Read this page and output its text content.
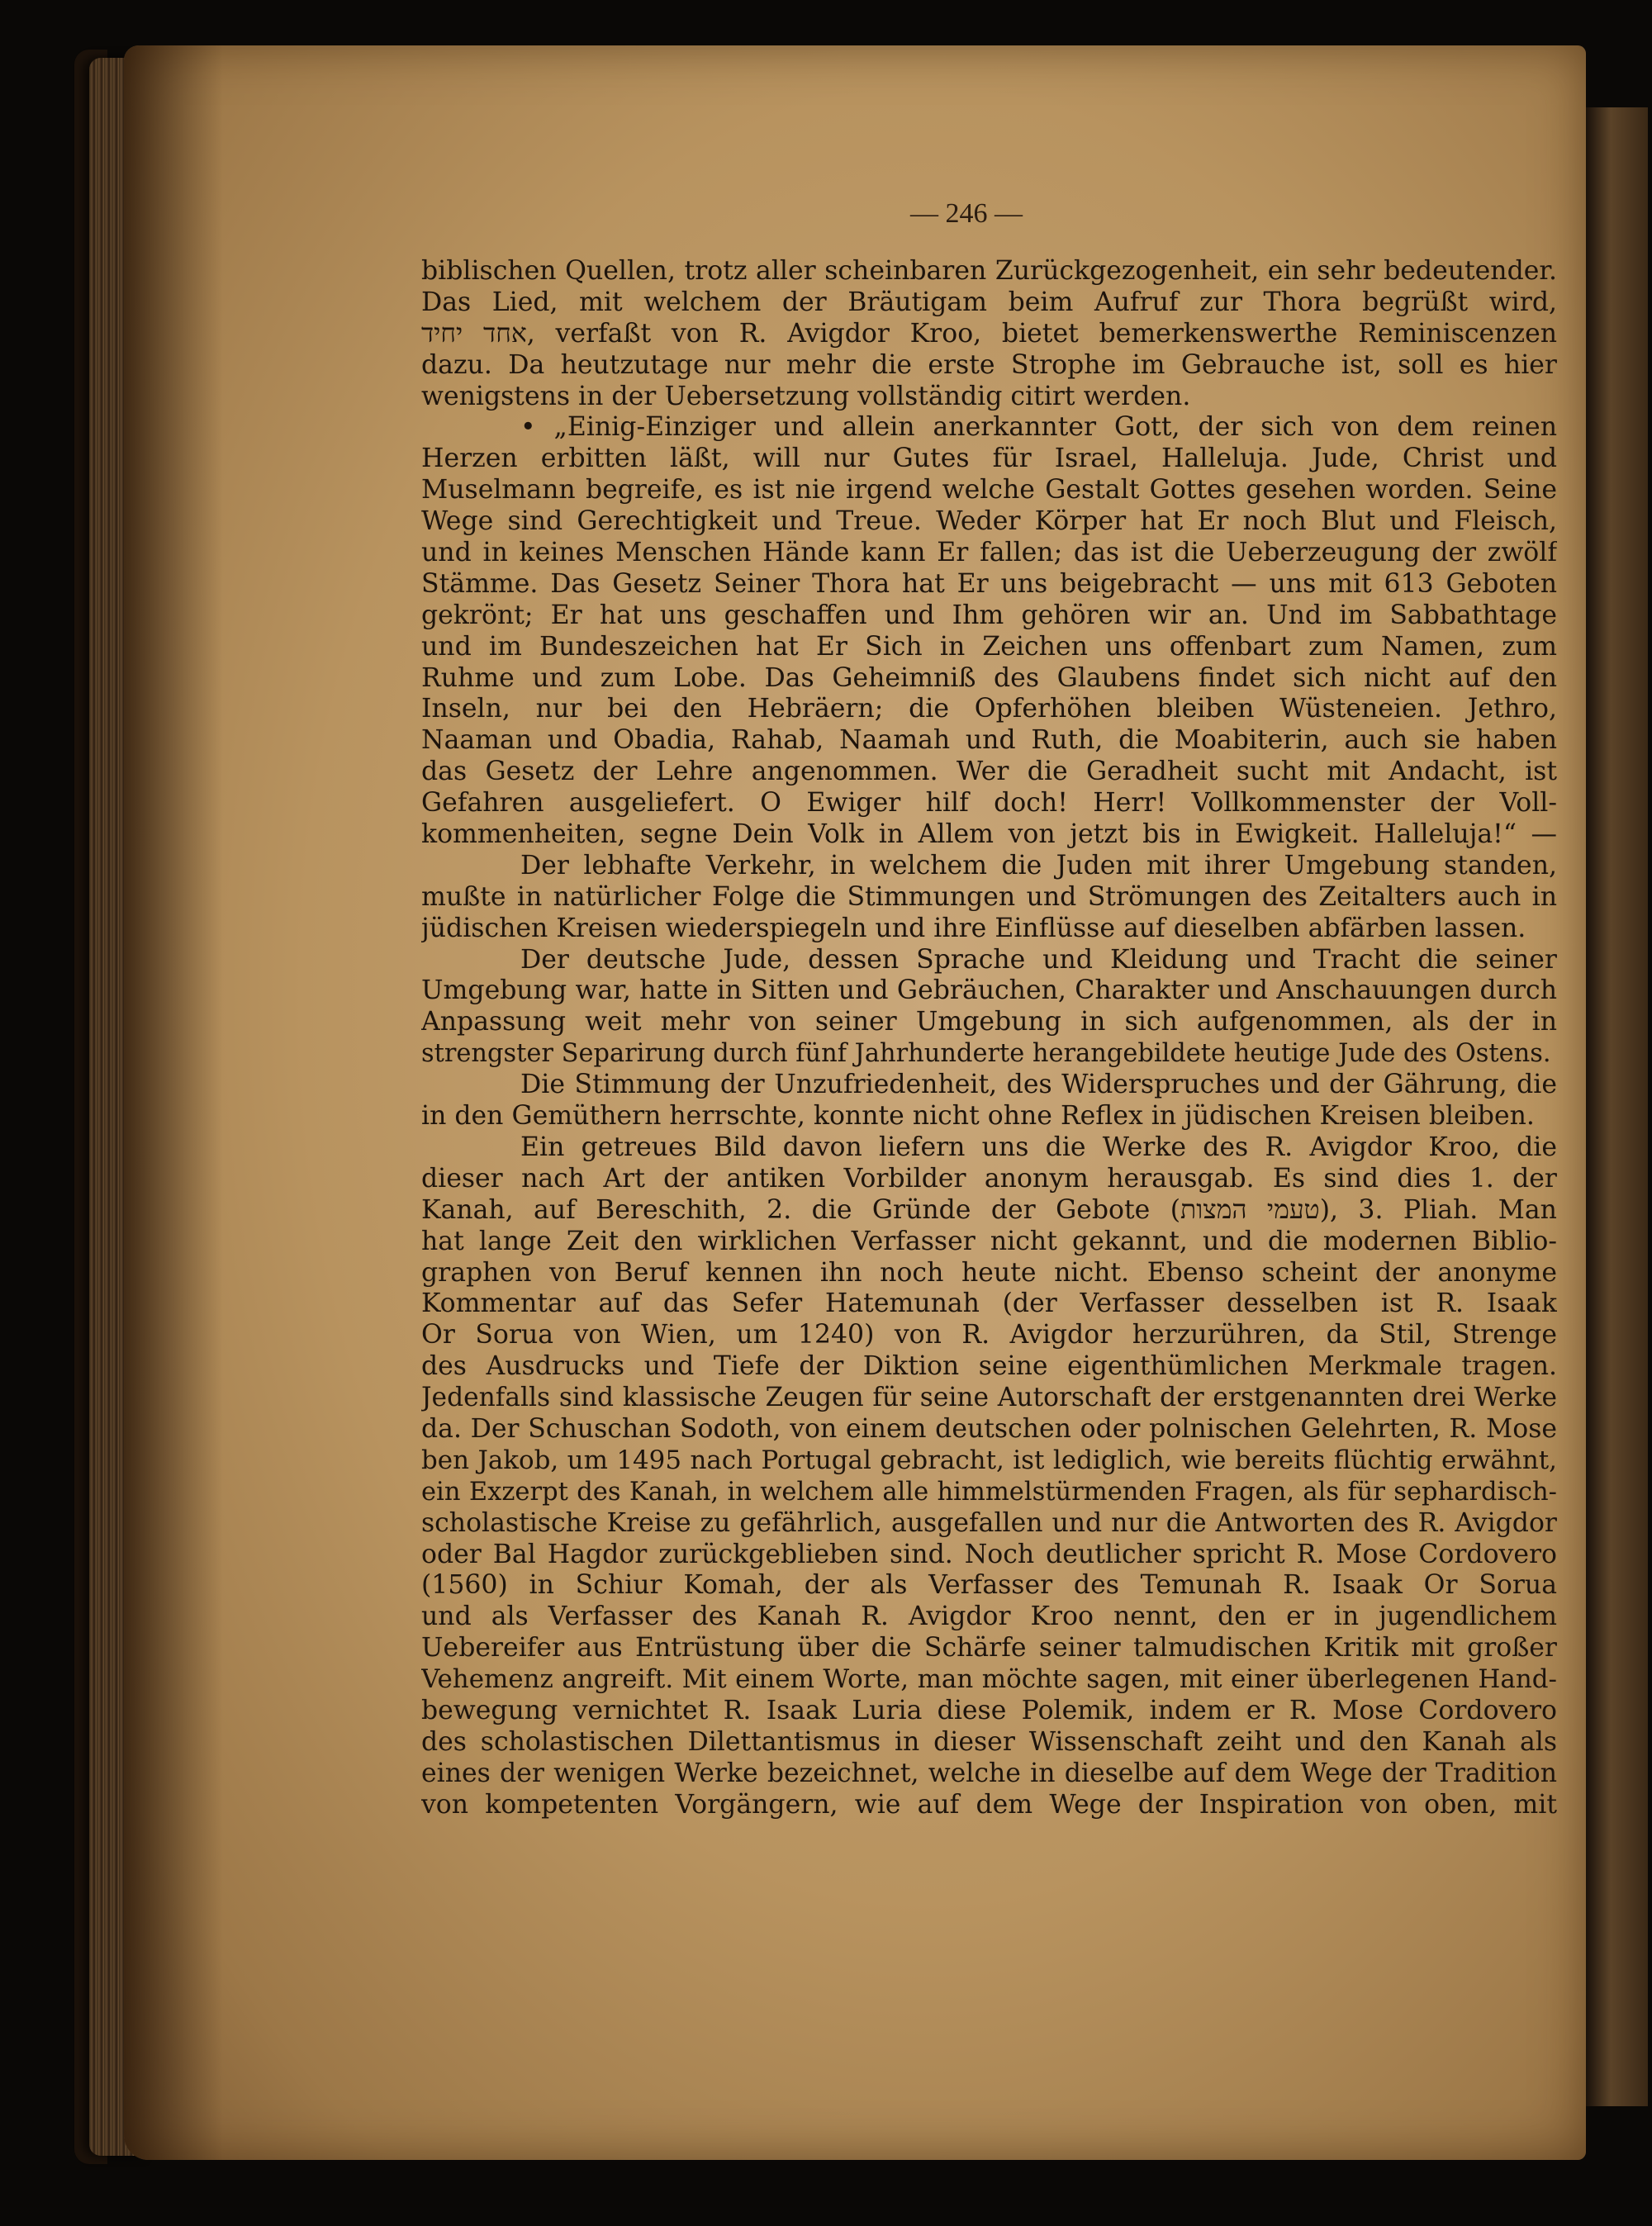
— 246 —
biblischen Quellen, trotz aller scheinbaren Zurückgezogenheit, ein sehr bedeutender.
Das Lied, mit welchem der Bräutigam beim Aufruf zur Thora begrüßt wird,
אחד יחיד, verfaßt von R. Avigdor Kroo, bietet bemerkenswerthe Reminiscenzen
dazu. Da heutzutage nur mehr die erste Strophe im Gebrauche ist, soll es hier
wenigstens in der Uebersetzung vollständig citirt werden.
• „Einig-Einziger und allein anerkannter Gott, der sich von dem reinen
Herzen erbitten läßt, will nur Gutes für Israel, Halleluja. Jude, Christ und
Muselmann begreife, es ist nie irgend welche Gestalt Gottes gesehen worden. Seine
Wege sind Gerechtigkeit und Treue. Weder Körper hat Er noch Blut und Fleisch,
und in keines Menschen Hände kann Er fallen; das ist die Ueberzeugung der zwölf
Stämme. Das Gesetz Seiner Thora hat Er uns beigebracht — uns mit 613 Geboten
gekrönt; Er hat uns geschaffen und Ihm gehören wir an. Und im Sabbathtage
und im Bundeszeichen hat Er Sich in Zeichen uns offenbart zum Namen, zum
Ruhme und zum Lobe. Das Geheimniß des Glaubens findet sich nicht auf den
Inseln, nur bei den Hebräern; die Opferhöhen bleiben Wüsteneien. Jethro,
Naaman und Obadia, Rahab, Naamah und Ruth, die Moabiterin, auch sie haben
das Gesetz der Lehre angenommen. Wer die Geradheit sucht mit Andacht, ist
Gefahren ausgeliefert. O Ewiger hilf doch! Herr! Vollkommenster der Voll-
kommenheiten, segne Dein Volk in Allem von jetzt bis in Ewigkeit. Halleluja!“ —
Der lebhafte Verkehr, in welchem die Juden mit ihrer Umgebung standen,
mußte in natürlicher Folge die Stimmungen und Strömungen des Zeitalters auch in
jüdischen Kreisen wiederspiegeln und ihre Einflüsse auf dieselben abfärben lassen.
Der deutsche Jude, dessen Sprache und Kleidung und Tracht die seiner
Umgebung war, hatte in Sitten und Gebräuchen, Charakter und Anschauungen durch
Anpassung weit mehr von seiner Umgebung in sich aufgenommen, als der in
strengster Separirung durch fünf Jahrhunderte herangebildete heutige Jude des Ostens.
Die Stimmung der Unzufriedenheit, des Widerspruches und der Gährung, die
in den Gemüthern herrschte, konnte nicht ohne Reflex in jüdischen Kreisen bleiben.
Ein getreues Bild davon liefern uns die Werke des R. Avigdor Kroo, die
dieser nach Art der antiken Vorbilder anonym herausgab. Es sind dies 1. der
Kanah, auf Bereschith, 2. die Gründe der Gebote (טעמי המצות), 3. Pliah. Man
hat lange Zeit den wirklichen Verfasser nicht gekannt, und die modernen Biblio-
graphen von Beruf kennen ihn noch heute nicht. Ebenso scheint der anonyme
Kommentar auf das Sefer Hatemunah (der Verfasser desselben ist R. Isaak
Or Sorua von Wien, um 1240) von R. Avigdor herzurühren, da Stil, Strenge
des Ausdrucks und Tiefe der Diktion seine eigenthümlichen Merkmale tragen.
Jedenfalls sind klassische Zeugen für seine Autorschaft der erstgenannten drei Werke
da. Der Schuschan Sodoth, von einem deutschen oder polnischen Gelehrten, R. Mose
ben Jakob, um 1495 nach Portugal gebracht, ist lediglich, wie bereits flüchtig erwähnt,
ein Exzerpt des Kanah, in welchem alle himmelstürmenden Fragen, als für sephardisch-
scholastische Kreise zu gefährlich, ausgefallen und nur die Antworten des R. Avigdor
oder Bal Hagdor zurückgeblieben sind. Noch deutlicher spricht R. Mose Cordovero
(1560) in Schiur Komah, der als Verfasser des Temunah R. Isaak Or Sorua
und als Verfasser des Kanah R. Avigdor Kroo nennt, den er in jugendlichem
Uebereifer aus Entrüstung über die Schärfe seiner talmudischen Kritik mit großer
Vehemenz angreift. Mit einem Worte, man möchte sagen, mit einer überlegenen Hand-
bewegung vernichtet R. Isaak Luria diese Polemik, indem er R. Mose Cordovero
des scholastischen Dilettantismus in dieser Wissenschaft zeiht und den Kanah als
eines der wenigen Werke bezeichnet, welche in dieselbe auf dem Wege der Tradition
von kompetenten Vorgängern, wie auf dem Wege der Inspiration von oben, mit
